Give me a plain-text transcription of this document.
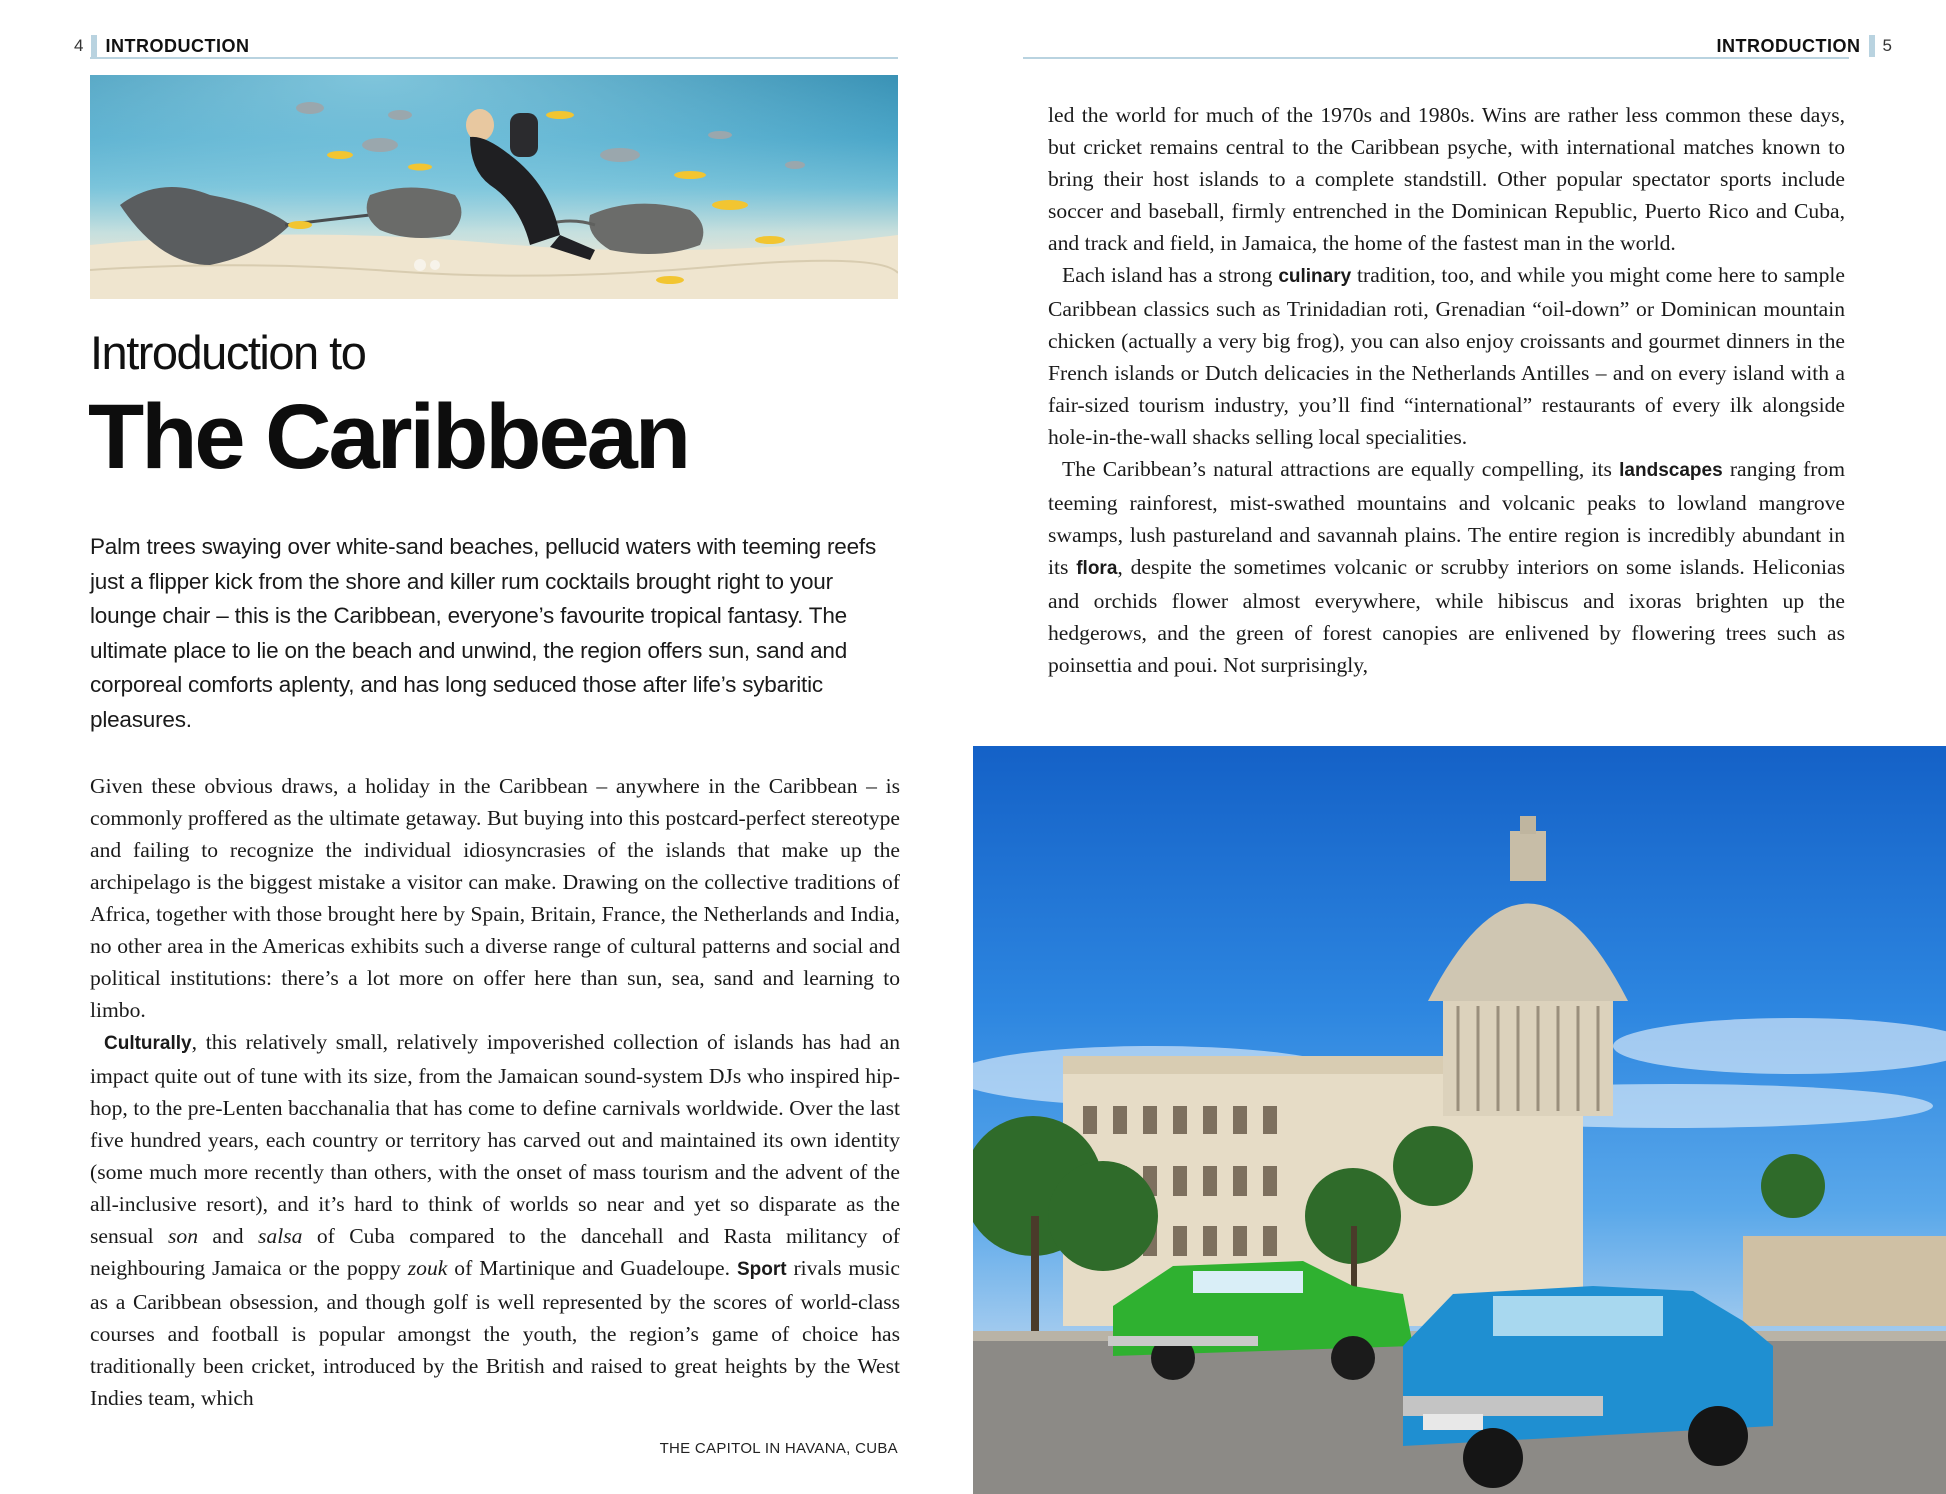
4 INTRODUCTION
Introduction to
The Caribbean

Palm trees swaying over white-sand beaches, pellucid waters with teeming reefs just a flipper kick from the shore and killer rum cocktails brought right to your lounge chair – this is the Caribbean, everyone’s favourite tropical fantasy. The ultimate place to lie on the beach and unwind, the region offers sun, sand and corporeal comforts aplenty, and has long seduced those after life’s sybaritic pleasures.

Given these obvious draws, a holiday in the Caribbean – anywhere in the Caribbean – is commonly proffered as the ultimate getaway. But buying into this postcard-perfect stereotype and failing to recognize the individual idiosyncrasies of the islands that make up the archipelago is the biggest mistake a visitor can make. Drawing on the collective traditions of Africa, together with those brought here by Spain, Britain, France, the Netherlands and India, no other area in the Americas exhibits such a diverse range of cultural patterns and social and political institutions: there’s a lot more on offer here than sun, sea, sand and learning to limbo.

Culturally, this relatively small, relatively impoverished collection of islands has had an impact quite out of tune with its size, from the Jamaican sound-system DJs who inspired hip-hop, to the pre-Lenten bacchanalia that has come to define carnivals worldwide. Over the last five hundred years, each country or territory has carved out and maintained its own identity (some much more recently than others, with the onset of mass tourism and the advent of the all-inclusive resort), and it’s hard to think of worlds so near and yet so disparate as the sensual son and salsa of Cuba compared to the dancehall and Rasta militancy of neighbouring Jamaica or the poppy zouk of Martinique and Guadeloupe. Sport rivals music as a Caribbean obsession, and though golf is well represented by the scores of world-class courses and football is popular amongst the youth, the region’s game of choice has traditionally been cricket, introduced by the British and raised to great heights by the West Indies team, which

THE CAPITOL IN HAVANA, CUBA
INTRODUCTION 5

led the world for much of the 1970s and 1980s. Wins are rather less common these days, but cricket remains central to the Caribbean psyche, with international matches known to bring their host islands to a complete standstill. Other popular spectator sports include soccer and baseball, firmly entrenched in the Dominican Republic, Puerto Rico and Cuba, and track and field, in Jamaica, the home of the fastest man in the world.

Each island has a strong culinary tradition, too, and while you might come here to sample Caribbean classics such as Trinidadian roti, Grenadian “oil-down” or Dominican mountain chicken (actually a very big frog), you can also enjoy croissants and gourmet dinners in the French islands or Dutch delicacies in the Netherlands Antilles – and on every island with a fair-sized tourism industry, you’ll find “international” restaurants of every ilk alongside hole-in-the-wall shacks selling local specialities.

The Caribbean’s natural attractions are equally compelling, its landscapes ranging from teeming rainforest, mist-swathed mountains and volcanic peaks to lowland mangrove swamps, lush pastureland and savannah plains. The entire region is incredibly abundant in its flora, despite the sometimes volcanic or scrubby interiors on some islands. Heliconias and orchids flower almost everywhere, while hibiscus and ixoras brighten up the hedgerows, and the green of forest canopies are enlivened by flowering trees such as poinsettia and poui. Not surprisingly,
